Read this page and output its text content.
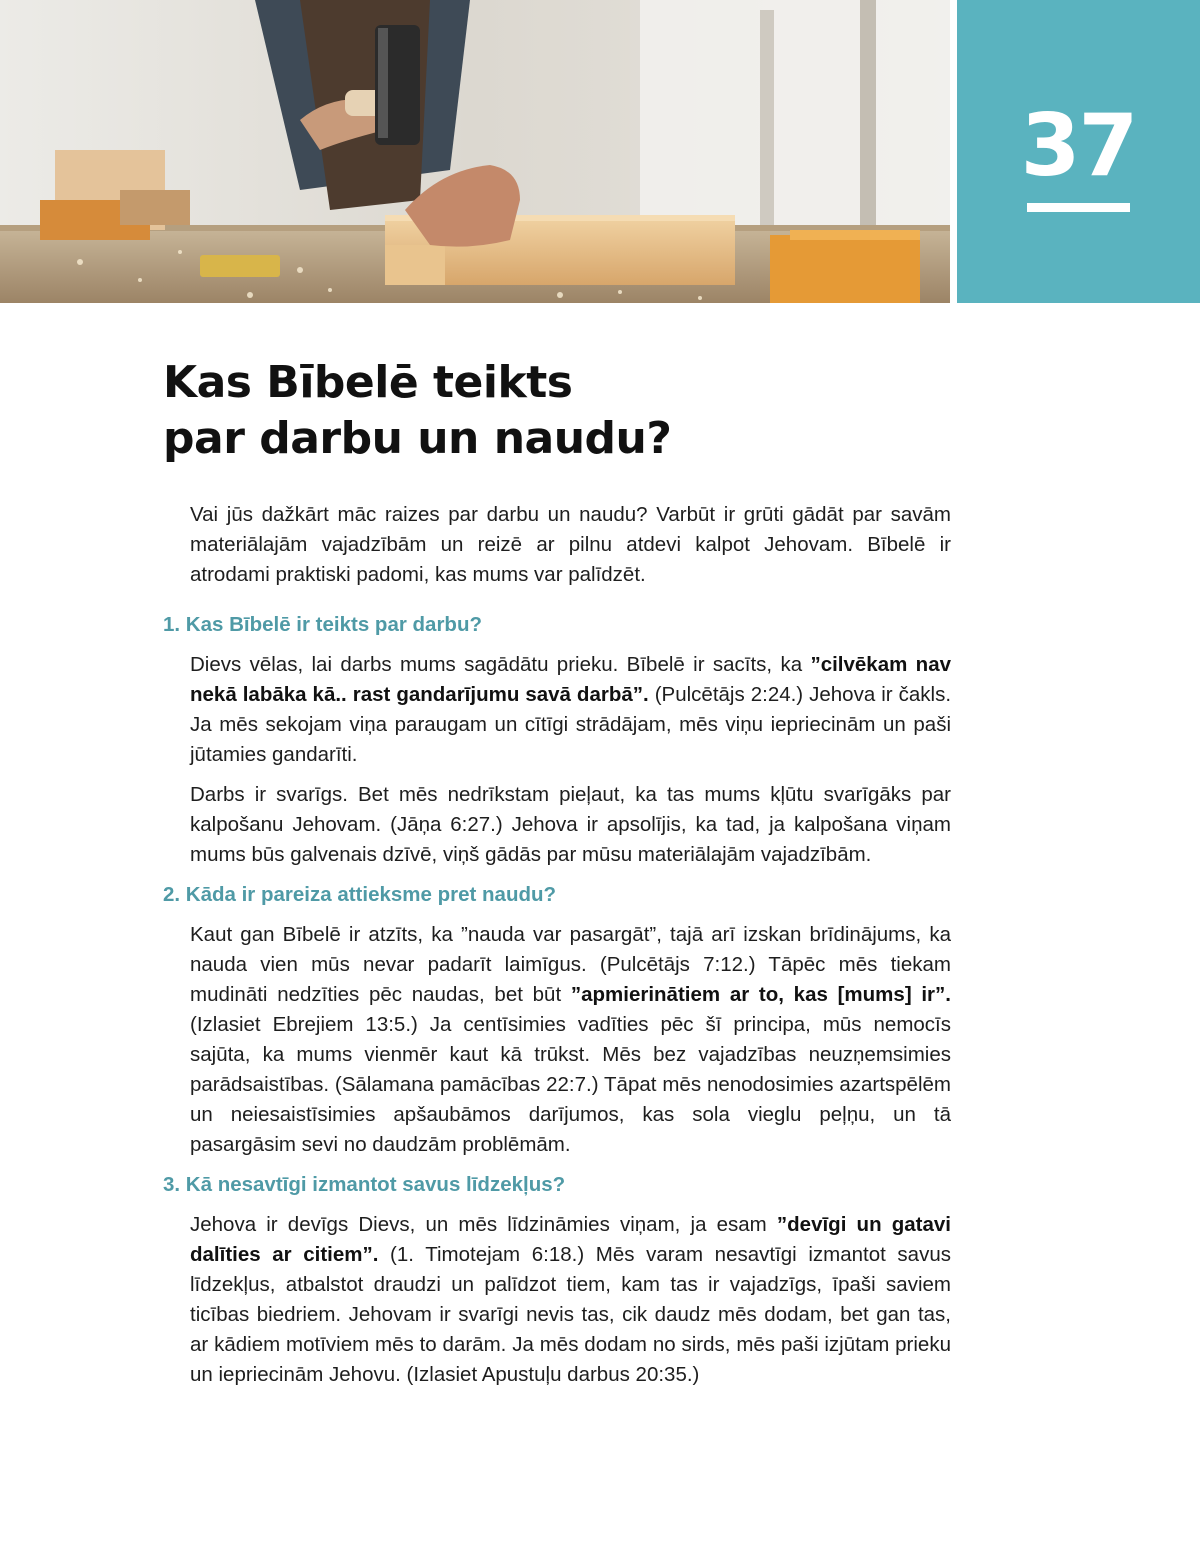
37
Kas Bībelē teikts
par darbu un naudu?

Vai jūs dažkārt māc raizes par darbu un naudu? Varbūt ir grūti gādāt par savām materiālajām vajadzībām un reizē ar pilnu atdevi kalpot Jehovam. Bībelē ir atrodami praktiski padomi, kas mums var palīdzēt.

1. Kas Bībelē ir teikts par darbu?

Dievs vēlas, lai darbs mums sagādātu prieku. Bībelē ir sacīts, ka ”cilvēkam nav nekā labāka kā.. rast gandarījumu savā darbā”. (Pulcētājs 2:24.) Jehova ir čakls. Ja mēs sekojam viņa paraugam un cītīgi strādājam, mēs viņu iepriecinām un paši jūtamies gandarīti.

Darbs ir svarīgs. Bet mēs nedrīkstam pieļaut, ka tas mums kļūtu svarīgāks par kalpošanu Jehovam. (Jāņa 6:27.) Jehova ir apsolījis, ka tad, ja kalpošana viņam mums būs galvenais dzīvē, viņš gādās par mūsu materiālajām vajadzībām.

2. Kāda ir pareiza attieksme pret naudu?

Kaut gan Bībelē ir atzīts, ka ”nauda var pasargāt”, tajā arī izskan brīdinājums, ka nauda vien mūs nevar padarīt laimīgus. (Pulcētājs 7:12.) Tāpēc mēs tiekam mudināti nedzīties pēc naudas, bet būt ”apmierinātiem ar to, kas [mums] ir”. (Izlasiet Ebrejiem 13:5.) Ja centīsimies vadīties pēc šī principa, mūs nemocīs sajūta, ka mums vienmēr kaut kā trūkst. Mēs bez vajadzības neuzņemsimies parādsaistības. (Sālamana pamācības 22:7.) Tāpat mēs nenodosimies azartspēlēm un neiesaistīsimies apšaubāmos darījumos, kas sola vieglu peļņu, un tā pasargāsim sevi no daudzām problēmām.

3. Kā nesavtīgi izmantot savus līdzekļus?

Jehova ir devīgs Dievs, un mēs līdzināmies viņam, ja esam ”devīgi un gatavi dalīties ar citiem”. (1. Timotejam 6:18.) Mēs varam nesavtīgi izmantot savus līdzekļus, atbalstot draudzi un palīdzot tiem, kam tas ir vajadzīgs, īpaši saviem ticības biedriem. Jehovam ir svarīgi nevis tas, cik daudz mēs dodam, bet gan tas, ar kādiem motīviem mēs to darām. Ja mēs dodam no sirds, mēs paši izjūtam prieku un iepriecinām Jehovu. (Izlasiet Apustuļu darbus 20:35.)
